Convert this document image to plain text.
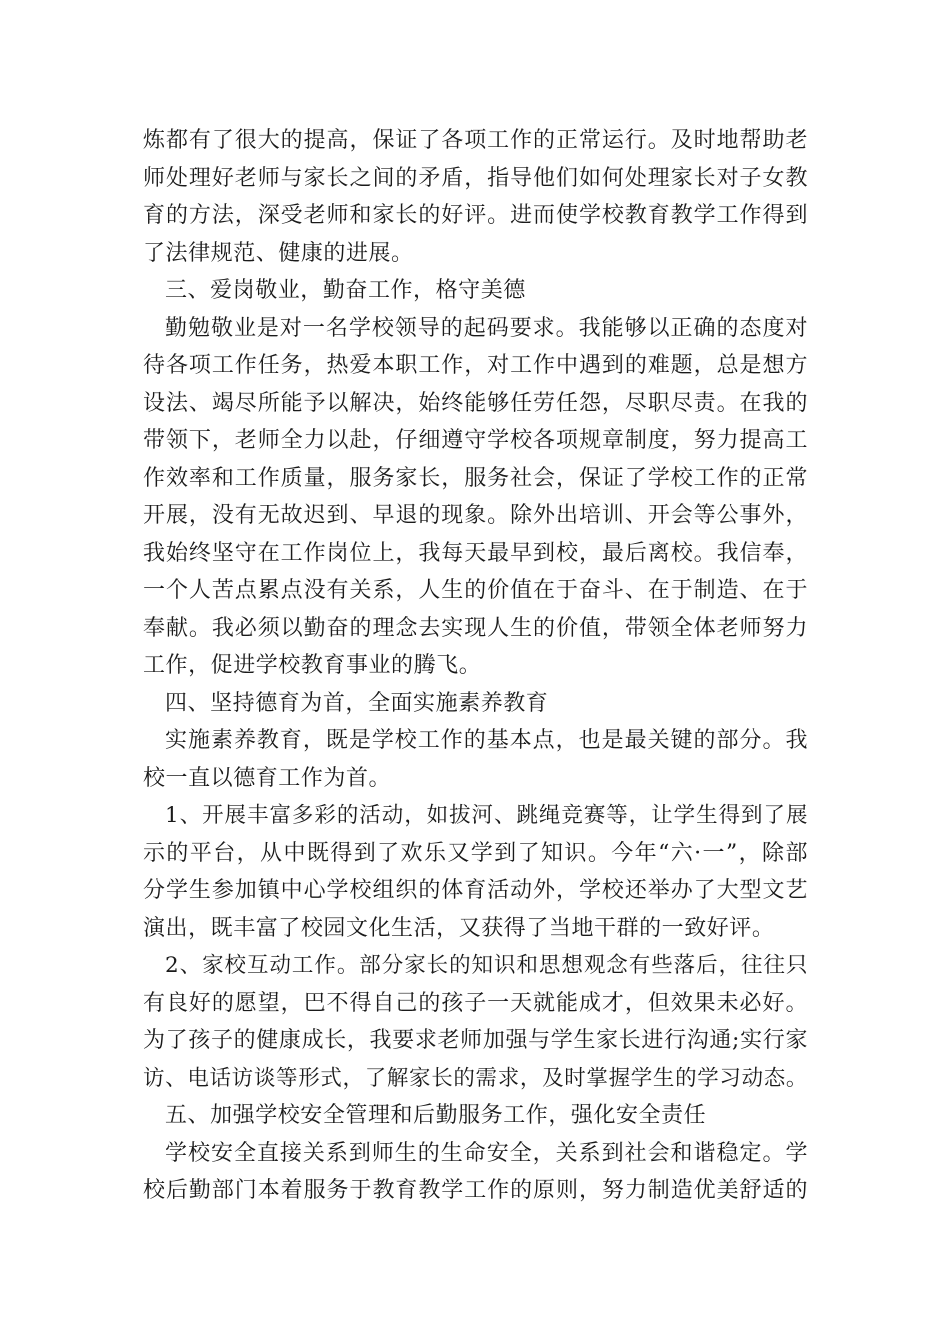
炼都有了很大的提高，保证了各项工作的正常运行。及时地帮助老
师处理好老师与家长之间的矛盾，指导他们如何处理家长对子女教
育的方法，深受老师和家长的好评。进而使学校教育教学工作得到
了法律规范、健康的进展。
三、爱岗敬业，勤奋工作，格守美德
勤勉敬业是对一名学校领导的起码要求。我能够以正确的态度对
待各项工作任务，热爱本职工作，对工作中遇到的难题，总是想方
设法、竭尽所能予以解决，始终能够任劳任怨，尽职尽责。在我的
带领下，老师全力以赴，仔细遵守学校各项规章制度，努力提高工
作效率和工作质量，服务家长，服务社会，保证了学校工作的正常
开展，没有无故迟到、早退的现象。除外出培训、开会等公事外，
我始终坚守在工作岗位上，我每天最早到校，最后离校。我信奉，
一个人苦点累点没有关系，人生的价值在于奋斗、在于制造、在于
奉献。我必须以勤奋的理念去实现人生的价值，带领全体老师努力
工作，促进学校教育事业的腾飞。
四、坚持德育为首，全面实施素养教育
实施素养教育，既是学校工作的基本点，也是最关键的部分。我
校一直以德育工作为首。
1、开展丰富多彩的活动，如拔河、跳绳竞赛等，让学生得到了展
示的平台，从中既得到了欢乐又学到了知识。今年“六·一”，除部
分学生参加镇中心学校组织的体育活动外，学校还举办了大型文艺
演出，既丰富了校园文化生活，又获得了当地干群的一致好评。
2、家校互动工作。部分家长的知识和思想观念有些落后，往往只
有良好的愿望，巴不得自己的孩子一天就能成才，但效果未必好。
为了孩子的健康成长，我要求老师加强与学生家长进行沟通;实行家
访、电话访谈等形式，了解家长的需求，及时掌握学生的学习动态。
五、加强学校安全管理和后勤服务工作，强化安全责任
学校安全直接关系到师生的生命安全，关系到社会和谐稳定。学
校后勤部门本着服务于教育教学工作的原则，努力制造优美舒适的
